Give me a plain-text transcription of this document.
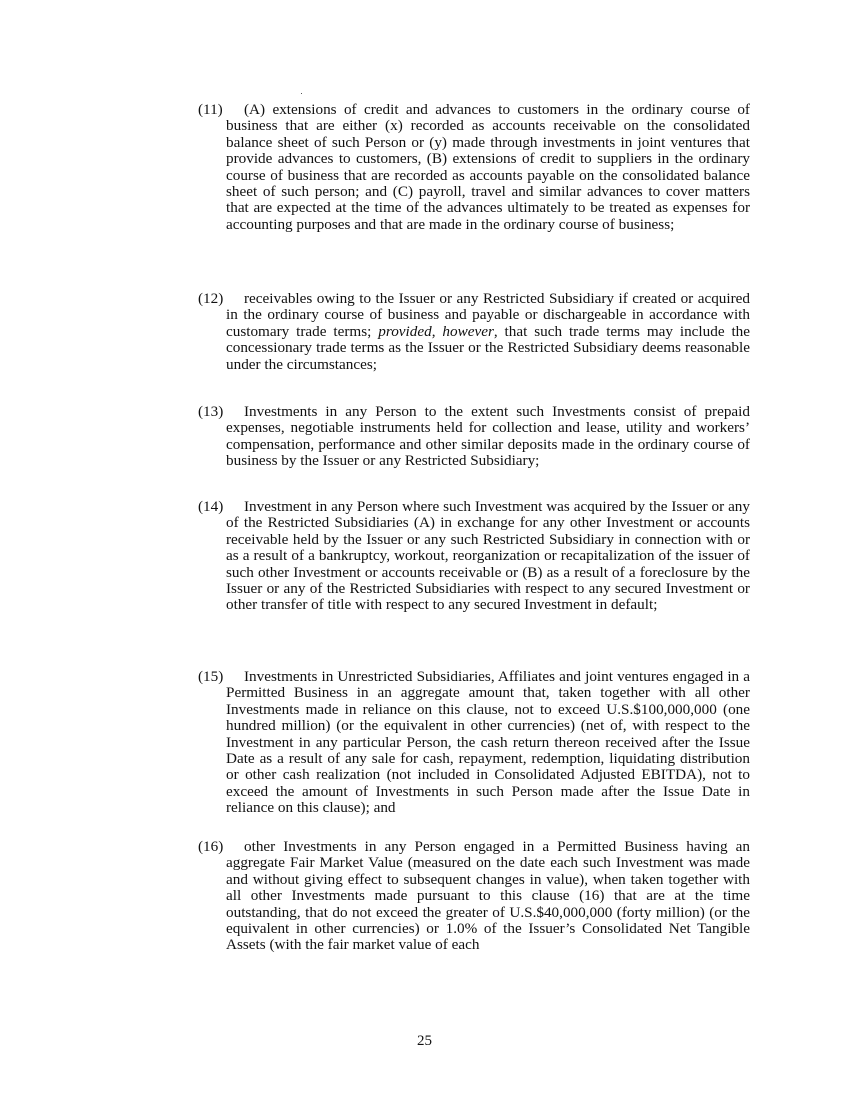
(11) (A) extensions of credit and advances to customers in the ordinary course of business that are either (x) recorded as accounts receivable on the consolidated balance sheet of such Person or (y) made through investments in joint ventures that provide advances to customers, (B) extensions of credit to suppliers in the ordinary course of business that are recorded as accounts payable on the consolidated balance sheet of such person; and (C) payroll, travel and similar advances to cover matters that are expected at the time of the advances ultimately to be treated as expenses for accounting purposes and that are made in the ordinary course of business;
(12) receivables owing to the Issuer or any Restricted Subsidiary if created or acquired in the ordinary course of business and payable or dischargeable in accordance with customary trade terms; provided, however, that such trade terms may include the concessionary trade terms as the Issuer or the Restricted Subsidiary deems reasonable under the circumstances;
(13) Investments in any Person to the extent such Investments consist of prepaid expenses, negotiable instruments held for collection and lease, utility and workers’ compensation, performance and other similar deposits made in the ordinary course of business by the Issuer or any Restricted Subsidiary;
(14) Investment in any Person where such Investment was acquired by the Issuer or any of the Restricted Subsidiaries (A) in exchange for any other Investment or accounts receivable held by the Issuer or any such Restricted Subsidiary in connection with or as a result of a bankruptcy, workout, reorganization or recapitalization of the issuer of such other Investment or accounts receivable or (B) as a result of a foreclosure by the Issuer or any of the Restricted Subsidiaries with respect to any secured Investment or other transfer of title with respect to any secured Investment in default;
(15) Investments in Unrestricted Subsidiaries, Affiliates and joint ventures engaged in a Permitted Business in an aggregate amount that, taken together with all other Investments made in reliance on this clause, not to exceed U.S.$100,000,000 (one hundred million) (or the equivalent in other currencies) (net of, with respect to the Investment in any particular Person, the cash return thereon received after the Issue Date as a result of any sale for cash, repayment, redemption, liquidating distribution or other cash realization (not included in Consolidated Adjusted EBITDA), not to exceed the amount of Investments in such Person made after the Issue Date in reliance on this clause); and
(16) other Investments in any Person engaged in a Permitted Business having an aggregate Fair Market Value (measured on the date each such Investment was made and without giving effect to subsequent changes in value), when taken together with all other Investments made pursuant to this clause (16) that are at the time outstanding, that do not exceed the greater of U.S.$40,000,000 (forty million) (or the equivalent in other currencies) or 1.0% of the Issuer’s Consolidated Net Tangible Assets (with the fair market value of each
25
